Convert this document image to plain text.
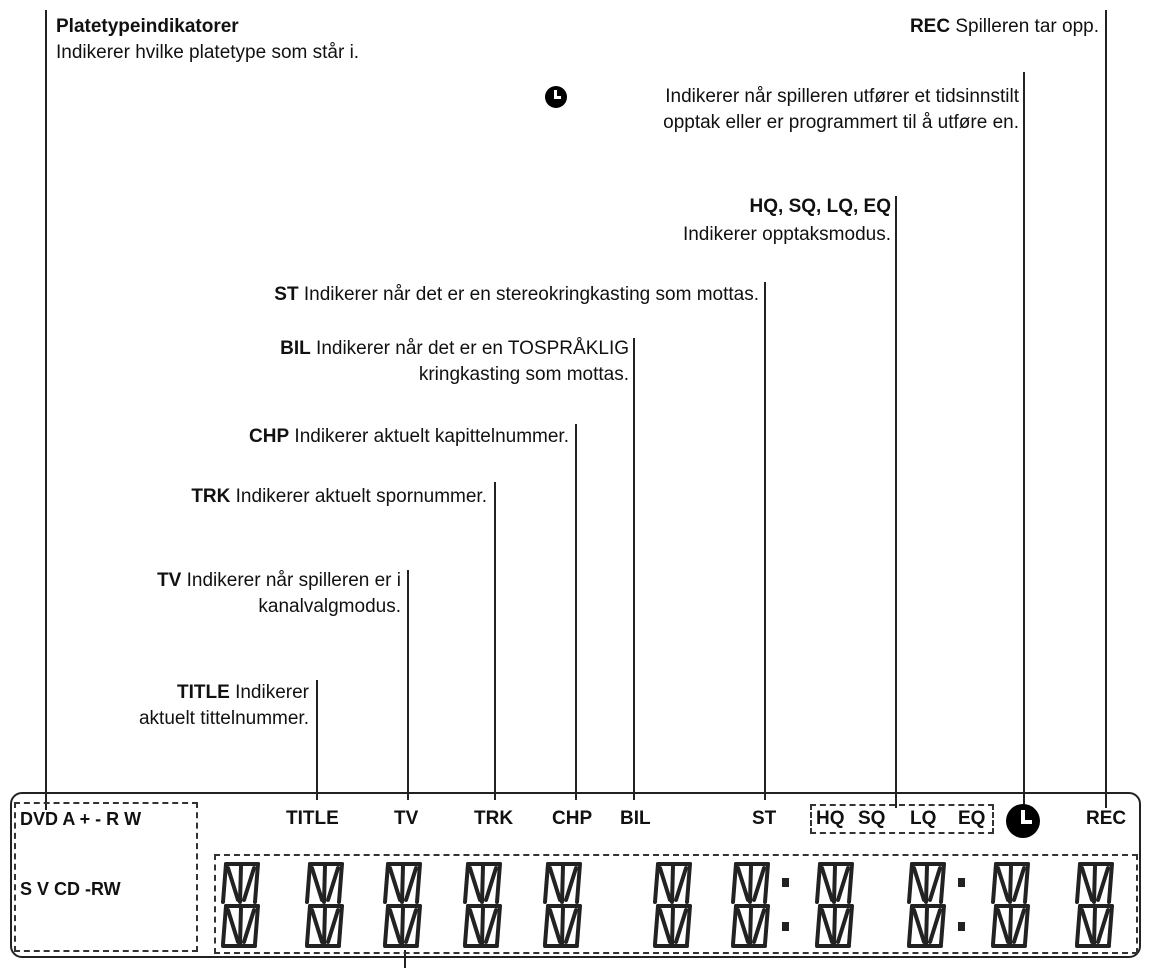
Platetypeindikatorer
Indikerer hvilke platetype som står i.
REC Spilleren tar opp.
Indikerer når spilleren utfører et tidsinnstilt
opptak eller er programmert til å utføre en.
HQ, SQ, LQ, EQ
Indikerer opptaksmodus.
ST Indikerer når det er en stereokringkasting som mottas.
BIL Indikerer når det er en TOSPRÅKLIG
kringkasting som mottas.
CHP Indikerer aktuelt kapittelnummer.
TRK Indikerer aktuelt spornummer.
TV Indikerer når spilleren er i
kanalvalgmodus.
TITLE Indikerer
aktuelt tittelnummer.
DVD A + - R W
S V CD -RW
TITLE	TV	TRK CHP BIL	ST HQ SQ LQ EQ	REC
